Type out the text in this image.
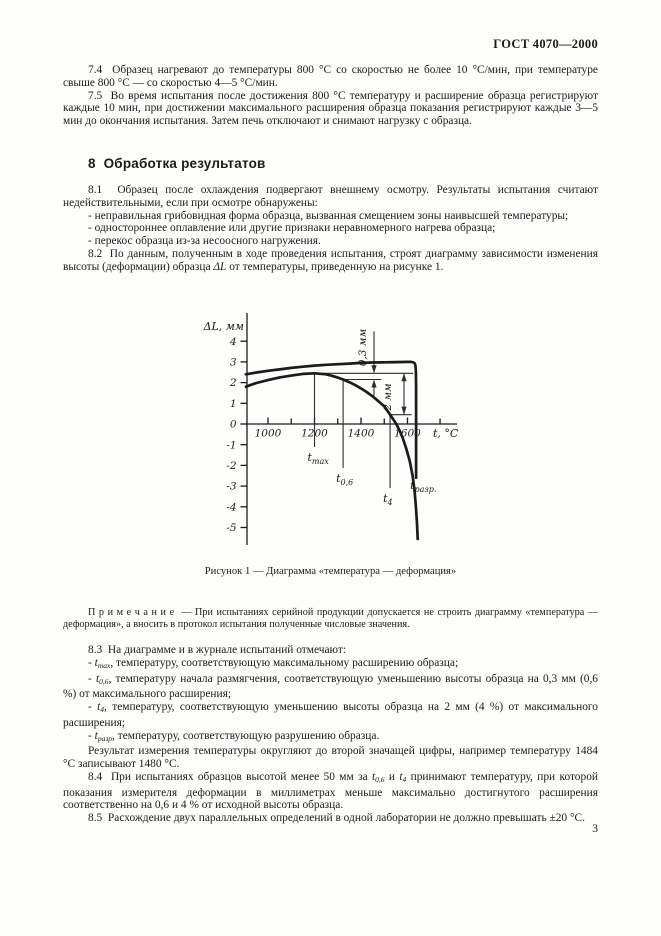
ГОСТ 4070—2000

7.4  Образец нагревают до температуры 800 °С со скоростью не более 10 °С/мин, при температуре свыше 800 °С — со скоростью 4—5 °С/мин.

7.5  Во время испытания после достижения 800 °С температуру и расширение образца регистрируют каждые 10 мин, при достижении максимального расширения образца показания регистрируют каждые 3—5 мин до окончания испытания. Затем печь отключают и снимают нагрузку с образца.

8  Обработка результатов

8.1  Образец после охлаждения подвергают внешнему осмотру. Результаты испытания считают недействительными, если при осмотре обнаружены:

- неправильная грибовидная форма образца, вызванная смещением зоны наивысшей температуры;

- одностороннее оплавление или другие признаки неравномерного нагрева образца;

- перекос образца из-за несоосного нагружения.

8.2  По данным, полученным в ходе проведения испытания, строят диаграмму зависимости изменения высоты (деформации) образца ΔL от температуры, приведенную на рисунке 1.

-5
-4
-3
-2
-1
0
1
2
3
4
1000 1200 1400 1600
ΔL, мм
t, °С
$t_{max}$
$t_{0,6}$
$t_4$
$t_{разр.}$
0,3 мм
2 мм
Рисунок 1 — Диаграмма «температура — деформация»

П р и м е ч а н и е  — При испытаниях серийной продукции допускается не строить диаграмму «температура — деформация», а вносить в протокол испытания полученные числовые значения.

8.3  На диаграмме и в журнале испытаний отмечают:

- tmax, температуру, соответствующую максимальному расширению образца;

- t0,6, температуру начала размягчения, соответствующую уменьшению высоты образца на 0,3 мм (0,6 %) от максимального расширения;

- t4, температуру, соответствующую уменьшению высоты образца на 2 мм (4 %) от максимального расширения;

- tразр, температуру, соответствующую разрушению образца.

Результат измерения температуры округляют до второй значащей цифры, например температуру 1484 °С записывают 1480 °С.

8.4  При испытаниях образцов высотой менее 50 мм за t0,6 и t4 принимают температуру, при которой показания измерителя деформации в миллиметрах меньше максимально достигнутого расширения соответственно на 0,6 и 4 % от исходной высоты образца.

8.5  Расхождение двух параллельных определений в одной лаборатории не должно превышать ±20 °С.

3
